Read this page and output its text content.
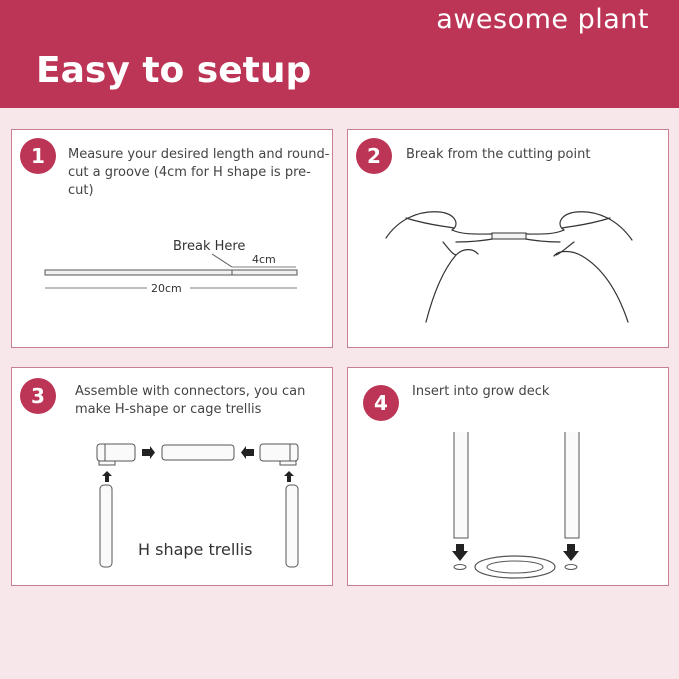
awesome plant
Easy to setup
1	Measure your desired length and round-cut a groove (4cm for H shape is pre-cut)
Break Here
4cm
20cm
2	Break from the cutting point
3	Assemble with connectors, you can make H-shape or cage trellis
H shape trellis
4	Insert into grow deck
